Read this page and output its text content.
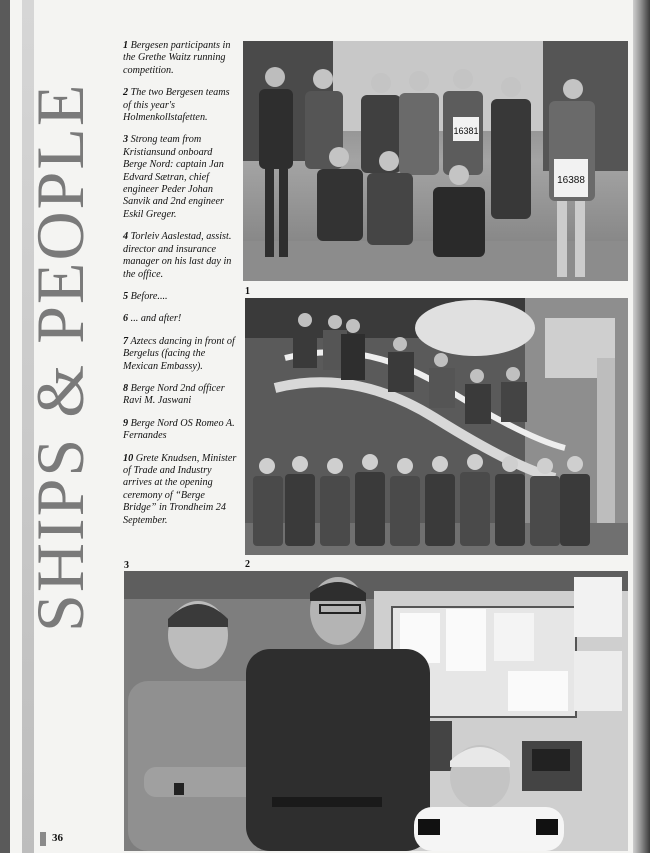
SHIPS & PEOPLE

1 Bergesen participants in the Grethe Waitz running competition.

2 The two Bergesen teams of this year's Holmenkollstafetten.

3 Strong team from Kristiansund onboard Berge Nord: captain Jan Edvard Sætran, chief engineer Peder Johan Sanvik and 2nd engineer Eskil Greger.

4 Torleiv Aaslestad, assist. director and insurance manager on his last day in the office.

5 Before....

6 ... and after!

7 Aztecs dancing in front of Bergelus (facing the Mexican Embassy).

8 Berge Nord 2nd officer Ravi M. Jaswani

9 Berge Nord OS Romeo A. Fernandes

10 Grete Knudsen, Minister of Trade and Industry arrives at the opening ceremony of “Berge Bridge” in Trondheim 24 September.

16381
16388
1
2
3
36
